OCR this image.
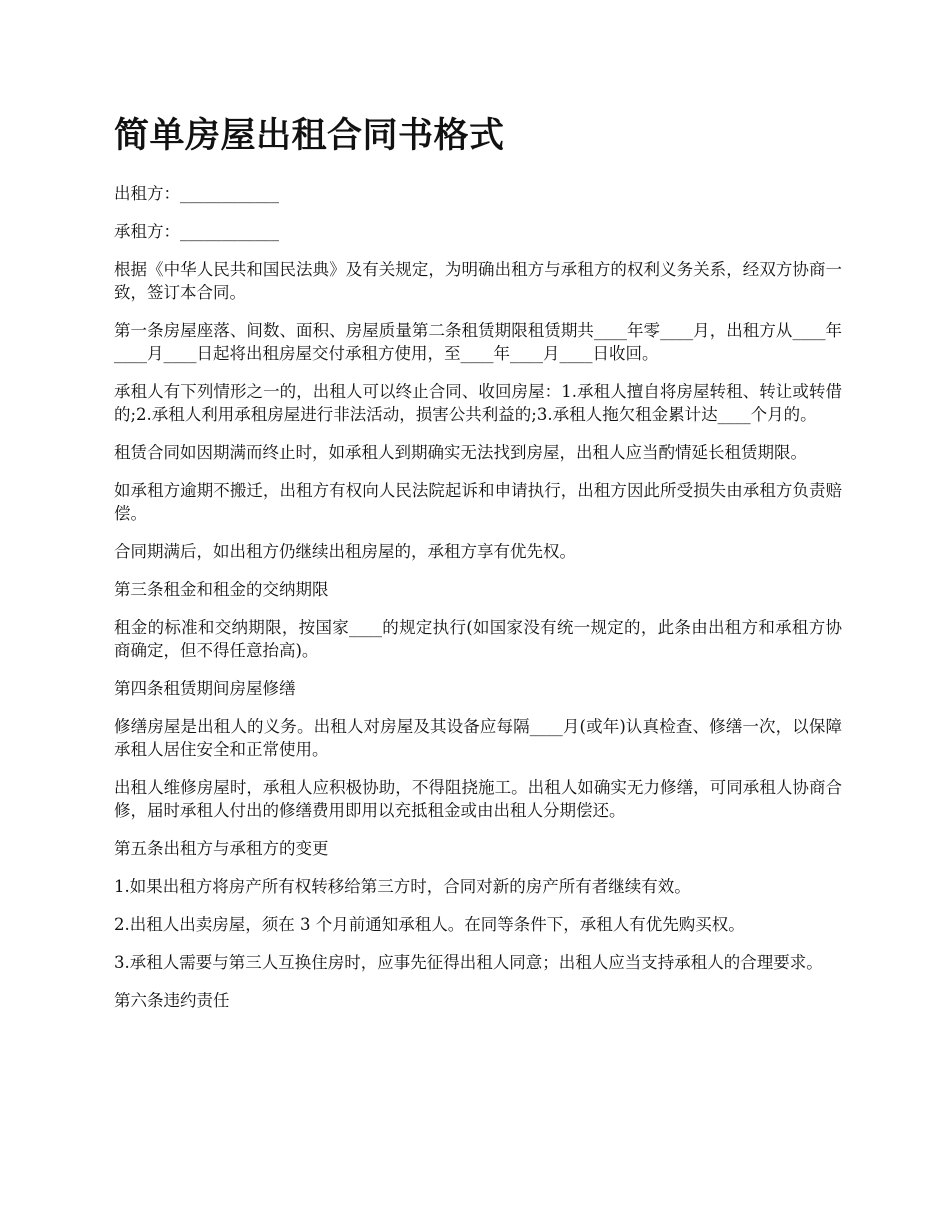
简单房屋出租合同书格式

出租方：____________

承租方：____________

根据《中华人民共和国民法典》及有关规定，为明确出租方与承租方的权利义务关系，经双方协商一致，签订本合同。

第一条房屋座落、间数、面积、房屋质量第二条租赁期限租赁期共____年零____月，出租方从____年____月____日起将出租房屋交付承租方使用，至____年____月____日收回。

承租人有下列情形之一的，出租人可以终止合同、收回房屋：1.承租人擅自将房屋转租、转让或转借的;2.承租人利用承租房屋进行非法活动，损害公共利益的;3.承租人拖欠租金累计达____个月的。

租赁合同如因期满而终止时，如承租人到期确实无法找到房屋，出租人应当酌情延长租赁期限。

如承租方逾期不搬迁，出租方有权向人民法院起诉和申请执行，出租方因此所受损失由承租方负责赔偿。

合同期满后，如出租方仍继续出租房屋的，承租方享有优先权。

第三条租金和租金的交纳期限

租金的标准和交纳期限，按国家____的规定执行(如国家没有统一规定的，此条由出租方和承租方协商确定，但不得任意抬高)。

第四条租赁期间房屋修缮

修缮房屋是出租人的义务。出租人对房屋及其设备应每隔____月(或年)认真检查、修缮一次，以保障承租人居住安全和正常使用。

出租人维修房屋时，承租人应积极协助，不得阻挠施工。出租人如确实无力修缮，可同承租人协商合修，届时承租人付出的修缮费用即用以充抵租金或由出租人分期偿还。

第五条出租方与承租方的变更

1.如果出租方将房产所有权转移给第三方时，合同对新的房产所有者继续有效。

2.出租人出卖房屋，须在 3 个月前通知承租人。在同等条件下，承租人有优先购买权。

3.承租人需要与第三人互换住房时，应事先征得出租人同意；出租人应当支持承租人的合理要求。

第六条违约责任
